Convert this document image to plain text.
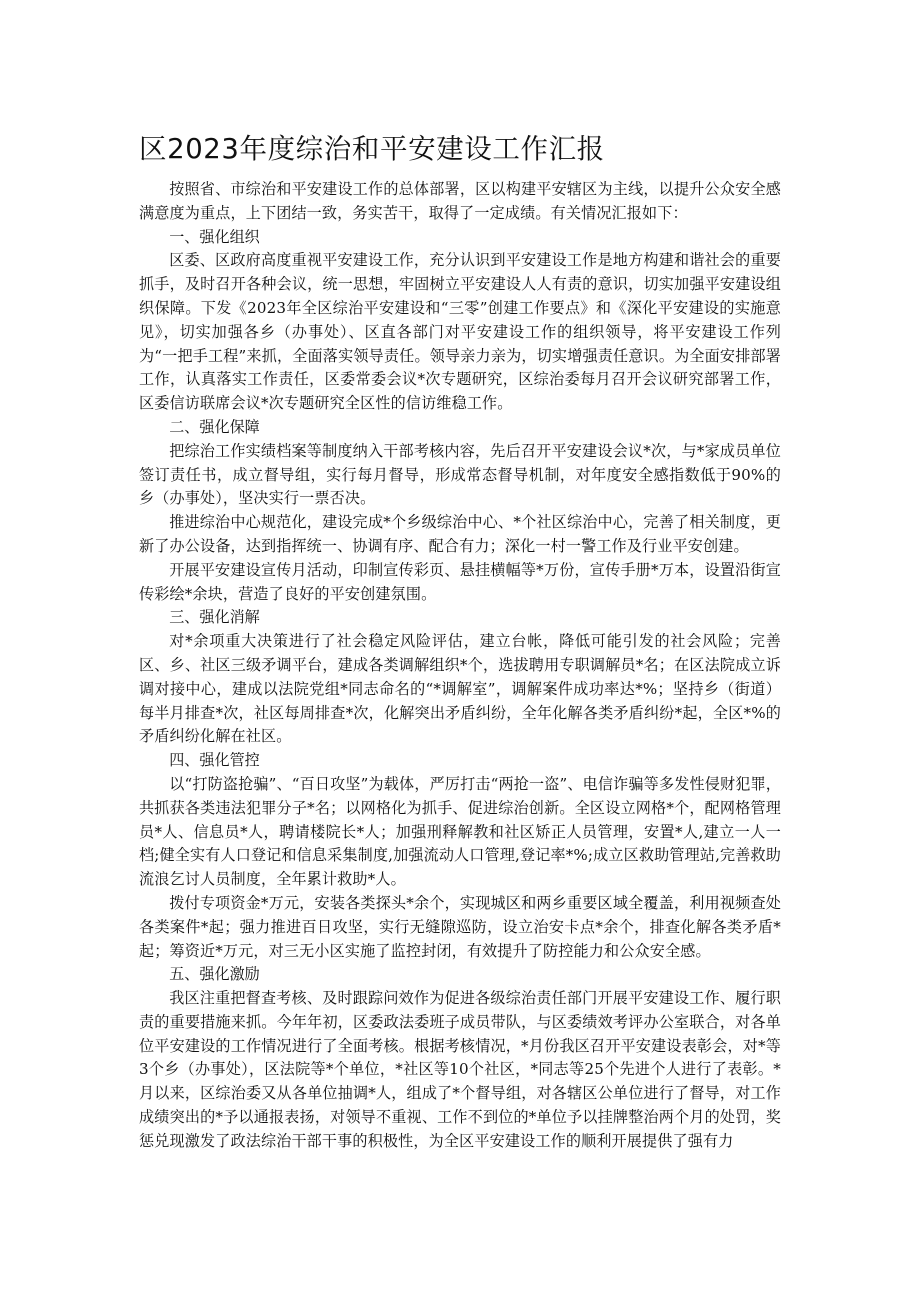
区2023年度综治和平安建设工作汇报

按照省、市综治和平安建设工作的总体部署，区以构建平安辖区为主线，以提升公众安全感满意度为重点，上下团结一致，务实苦干，取得了一定成绩。有关情况汇报如下：

一、强化组织

区委、区政府高度重视平安建设工作，充分认识到平安建设工作是地方构建和谐社会的重要抓手，及时召开各种会议，统一思想，牢固树立平安建设人人有责的意识，切实加强平安建设组织保障。下发《2023年全区综治平安建设和“三零”创建工作要点》和《深化平安建设的实施意见》，切实加强各乡（办事处）、区直各部门对平安建设工作的组织领导，将平安建设工作列为“一把手工程”来抓，全面落实领导责任。领导亲力亲为，切实增强责任意识。为全面安排部署工作，认真落实工作责任，区委常委会议*次专题研究，区综治委每月召开会议研究部署工作，区委信访联席会议*次专题研究全区性的信访维稳工作。

二、强化保障

把综治工作实绩档案等制度纳入干部考核内容，先后召开平安建设会议*次，与*家成员单位签订责任书，成立督导组，实行每月督导，形成常态督导机制，对年度安全感指数低于90%的乡（办事处），坚决实行一票否决。

推进综治中心规范化，建设完成*个乡级综治中心、*个社区综治中心，完善了相关制度，更新了办公设备，达到指挥统一、协调有序、配合有力；深化一村一警工作及行业平安创建。

开展平安建设宣传月活动，印制宣传彩页、悬挂横幅等*万份，宣传手册*万本，设置沿街宣传彩绘*余块，营造了良好的平安创建氛围。

三、强化消解

对*余项重大决策进行了社会稳定风险评估，建立台帐，降低可能引发的社会风险；完善区、乡、社区三级矛调平台，建成各类调解组织*个，选拔聘用专职调解员*名；在区法院成立诉调对接中心，建成以法院党组*同志命名的“*调解室”，调解案件成功率达*%；坚持乡（街道）每半月排查*次，社区每周排查*次，化解突出矛盾纠纷，全年化解各类矛盾纠纷*起，全区*%的矛盾纠纷化解在社区。

四、强化管控

以“打防盗抢骗”、“百日攻坚”为载体，严厉打击“两抢一盗”、电信诈骗等多发性侵财犯罪，共抓获各类违法犯罪分子*名；以网格化为抓手、促进综治创新。全区设立网格*个，配网格管理员*人、信息员*人，聘请楼院长*人；加强刑释解教和社区矫正人员管理，安置*人,建立一人一档;健全实有人口登记和信息采集制度,加强流动人口管理,登记率*%;成立区救助管理站,完善救助流浪乞讨人员制度，全年累计救助*人。

拨付专项资金*万元，安装各类探头*余个，实现城区和两乡重要区域全覆盖，利用视频查处各类案件*起；强力推进百日攻坚，实行无缝隙巡防，设立治安卡点*余个，排查化解各类矛盾*起；筹资近*万元，对三无小区实施了监控封闭，有效提升了防控能力和公众安全感。

五、强化激励

我区注重把督查考核、及时跟踪问效作为促进各级综治责任部门开展平安建设工作、履行职责的重要措施来抓。今年年初，区委政法委班子成员带队，与区委绩效考评办公室联合，对各单位平安建设的工作情况进行了全面考核。根据考核情况，*月份我区召开平安建设表彰会，对*等3个乡（办事处），区法院等*个单位，*社区等10个社区，*同志等25个先进个人进行了表彰。*月以来，区综治委又从各单位抽调*人，组成了*个督导组，对各辖区公单位进行了督导，对工作成绩突出的*予以通报表扬，对领导不重视、工作不到位的*单位予以挂牌整治两个月的处罚，奖惩兑现激发了政法综治干部干事的积极性，为全区平安建设工作的顺利开展提供了强有力
